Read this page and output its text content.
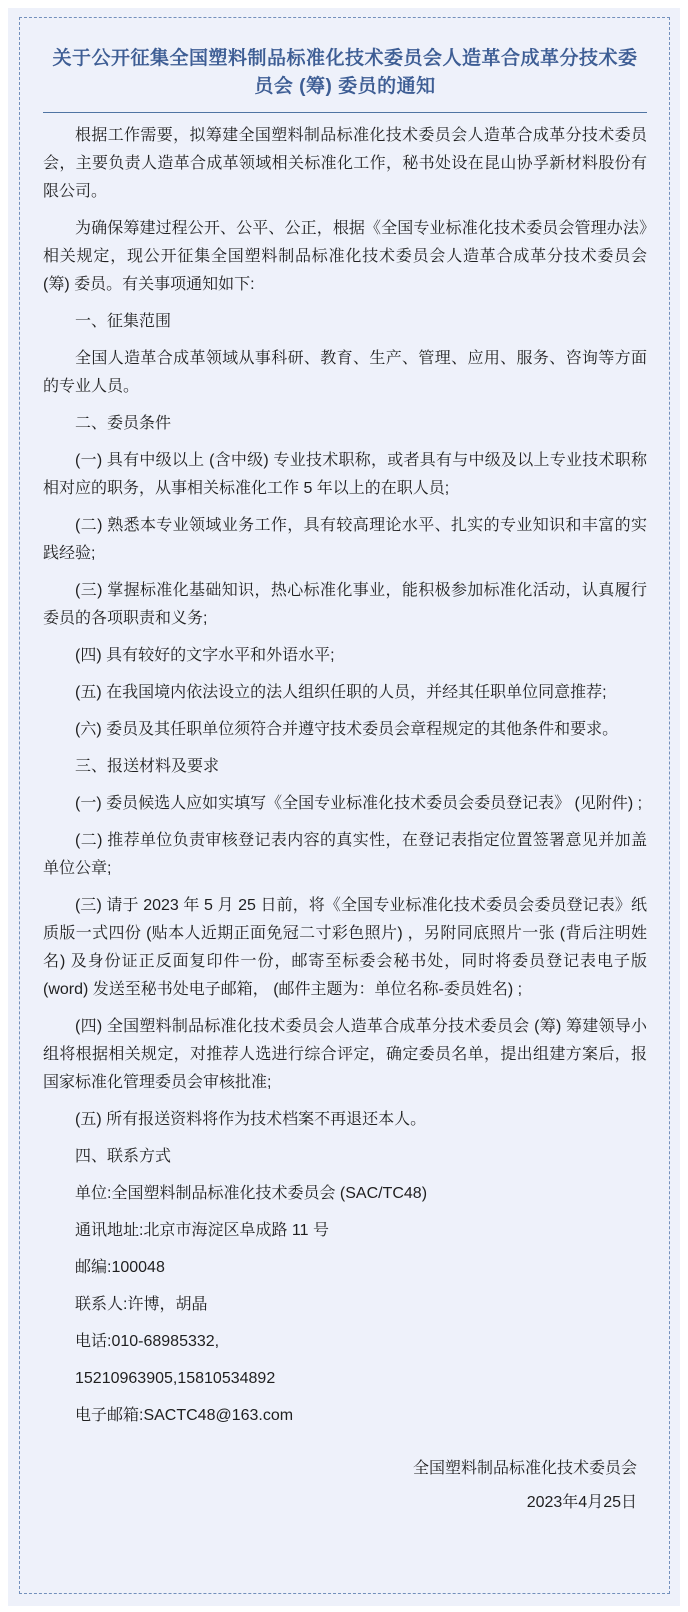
关于公开征集全国塑料制品标准化技术委员会人造革合成革分技术委员会 (筹) 委员的通知

根据工作需要，拟筹建全国塑料制品标准化技术委员会人造革合成革分技术委员会，主要负责人造革合成革领域相关标准化工作，秘书处设在昆山协孚新材料股份有限公司。

为确保筹建过程公开、公平、公正，根据《全国专业标准化技术委员会管理办法》相关规定，现公开征集全国塑料制品标准化技术委员会人造革合成革分技术委员会 (筹) 委员。有关事项通知如下:

一、征集范围

全国人造革合成革领域从事科研、教育、生产、管理、应用、服务、咨询等方面的专业人员。

二、委员条件

(一) 具有中级以上 (含中级) 专业技术职称，或者具有与中级及以上专业技术职称相对应的职务，从事相关标准化工作 5 年以上的在职人员;

(二) 熟悉本专业领域业务工作，具有较高理论水平、扎实的专业知识和丰富的实践经验;

(三) 掌握标准化基础知识，热心标准化事业，能积极参加标准化活动，认真履行委员的各项职责和义务;

(四) 具有较好的文字水平和外语水平;

(五) 在我国境内依法设立的法人组织任职的人员，并经其任职单位同意推荐;

(六) 委员及其任职单位须符合并遵守技术委员会章程规定的其他条件和要求。

三、报送材料及要求

(一) 委员候选人应如实填写《全国专业标准化技术委员会委员登记表》 (见附件) ;

(二) 推荐单位负责审核登记表内容的真实性，在登记表指定位置签署意见并加盖单位公章;

(三) 请于 2023 年 5 月 25 日前，将《全国专业标准化技术委员会委员登记表》纸质版一式四份 (贴本人近期正面免冠二寸彩色照片) ，另附同底照片一张 (背后注明姓名) 及身份证正反面复印件一份，邮寄至标委会秘书处，同时将委员登记表电子版 (word) 发送至秘书处电子邮箱， (邮件主题为：单位名称-委员姓名) ;

(四) 全国塑料制品标准化技术委员会人造革合成革分技术委员会 (筹) 筹建领导小组将根据相关规定，对推荐人选进行综合评定，确定委员名单，提出组建方案后，报国家标准化管理委员会审核批准;

(五) 所有报送资料将作为技术档案不再退还本人。

四、联系方式

单位:全国塑料制品标准化技术委员会 (SAC/TC48)

通讯地址:北京市海淀区阜成路 11 号

邮编:100048

联系人:许博，胡晶

电话:010-68985332,

15210963905,15810534892

电子邮箱:SACTC48@163.com

全国塑料制品标准化技术委员会
2023年4月25日
